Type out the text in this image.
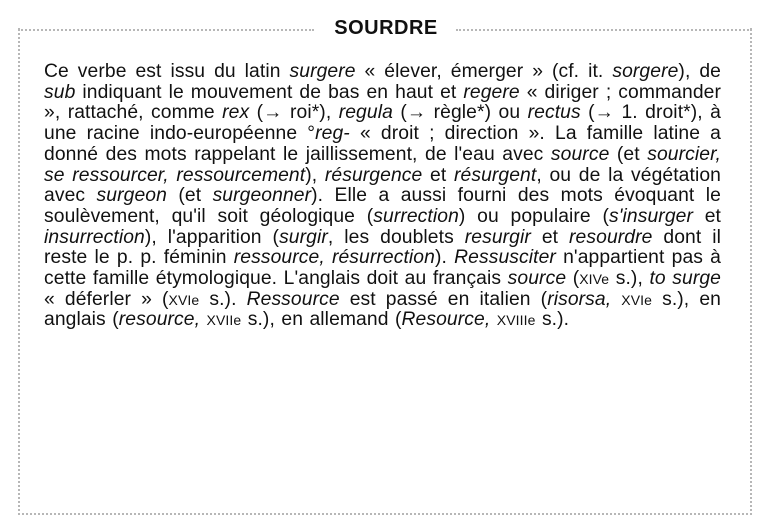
SOURDRE
Ce verbe est issu du latin surgere « élever, émerger » (cf. it. sorgere), de sub indiquant le mouvement de bas en haut et regere « diriger ; commander », rattaché, comme rex (→ roi*), regula (→ règle*) ou rectus (→ 1. droit*), à une racine indo-européenne °reg- « droit ; direction ». La famille latine a donné des mots rappelant le jaillissement, de l'eau avec source (et sourcier, se ressourcer, ressourcement), résurgence et résurgent, ou de la végétation avec surgeon (et surgeonner). Elle a aussi fourni des mots évoquant le soulèvement, qu'il soit géologique (surrection) ou populaire (s'insurger et insurrection), l'apparition (surgir, les doublets resurgir et resourdre dont il reste le p. p. féminin ressource, résurrection). Ressusciter n'appartient pas à cette famille étymologique. L'anglais doit au français source (XIVe s.), to surge « déferler » (XVIe s.). Ressource est passé en italien (risorsa, XVIe s.), en anglais (resource, XVIIe s.), en allemand (Resource, XVIIIe s.).
